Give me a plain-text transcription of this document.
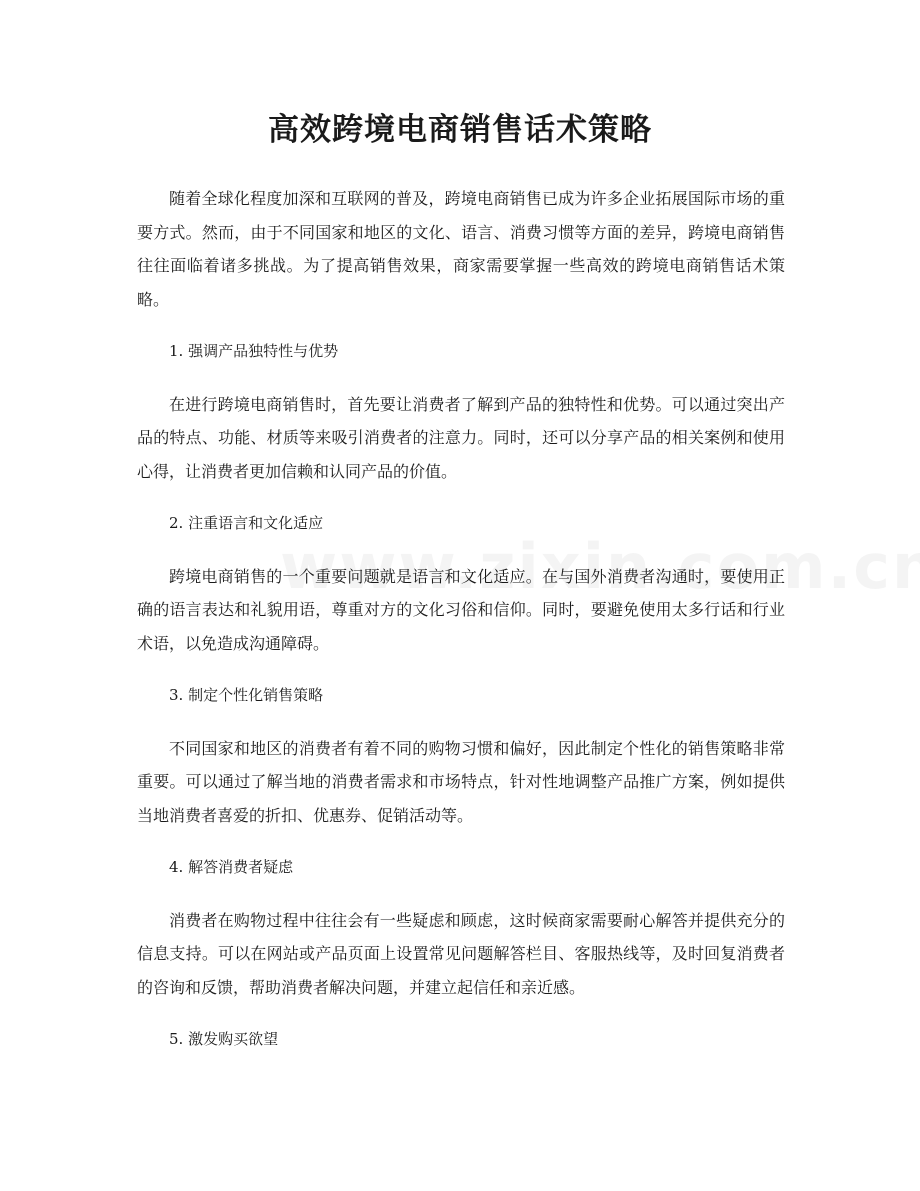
高效跨境电商销售话术策略

随着全球化程度加深和互联网的普及，跨境电商销售已成为许多企业拓展国际市场的重要方式。然而，由于不同国家和地区的文化、语言、消费习惯等方面的差异，跨境电商销售往往面临着诸多挑战。为了提高销售效果，商家需要掌握一些高效的跨境电商销售话术策略。

1. 强调产品独特性与优势

在进行跨境电商销售时，首先要让消费者了解到产品的独特性和优势。可以通过突出产品的特点、功能、材质等来吸引消费者的注意力。同时，还可以分享产品的相关案例和使用心得，让消费者更加信赖和认同产品的价值。

2. 注重语言和文化适应

跨境电商销售的一个重要问题就是语言和文化适应。在与国外消费者沟通时，要使用正确的语言表达和礼貌用语，尊重对方的文化习俗和信仰。同时，要避免使用太多行话和行业术语，以免造成沟通障碍。

3. 制定个性化销售策略

不同国家和地区的消费者有着不同的购物习惯和偏好，因此制定个性化的销售策略非常重要。可以通过了解当地的消费者需求和市场特点，针对性地调整产品推广方案，例如提供当地消费者喜爱的折扣、优惠券、促销活动等。

4. 解答消费者疑虑

消费者在购物过程中往往会有一些疑虑和顾虑，这时候商家需要耐心解答并提供充分的信息支持。可以在网站或产品页面上设置常见问题解答栏目、客服热线等，及时回复消费者的咨询和反馈，帮助消费者解决问题，并建立起信任和亲近感。

5. 激发购买欲望
